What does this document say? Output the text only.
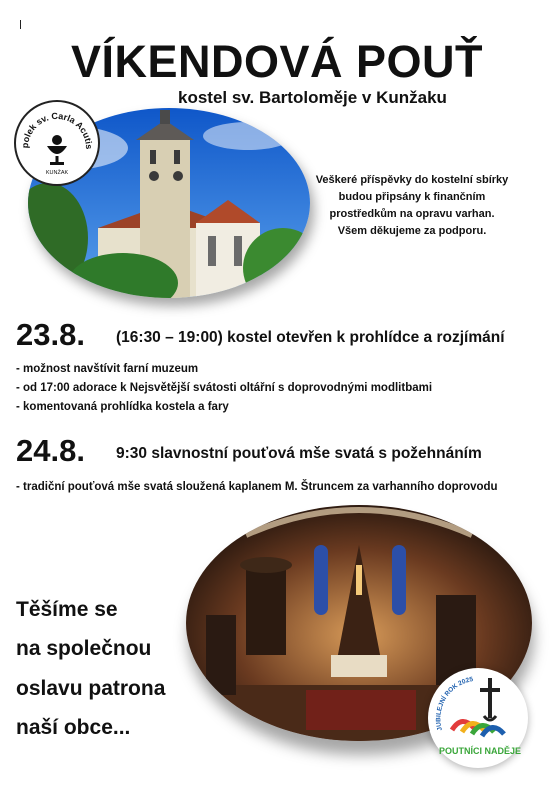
VÍKENDOVÁ POUŤ
kostel sv. Bartoloměje v Kunžaku
polek sv. Carla Acutis
KUNŽAK
Veškeré příspěvky do kostelní sbírky budou připsány k finančním prostředkům na opravu varhan. Všem děkujeme za podporu.
23.8. (16:30 – 19:00) kostel otevřen k prohlídce a rozjímání
- možnost navštívit farní muzeum
- od 17:00 adorace k Nejsvětější svátosti oltářní s doprovodnými modlitbami
- komentovaná prohlídka kostela a fary
24.8. 9:30 slavnostní pouťová mše svatá s požehnáním
- tradiční pouťová mše svatá sloužená kaplanem M. Štruncem za varhanního doprovodu
Těšíme se
na společnou
oslavu patrona
naší obce...	JUBILEJNÍ ROK 2025
POUTNÍCI NADĚJE
